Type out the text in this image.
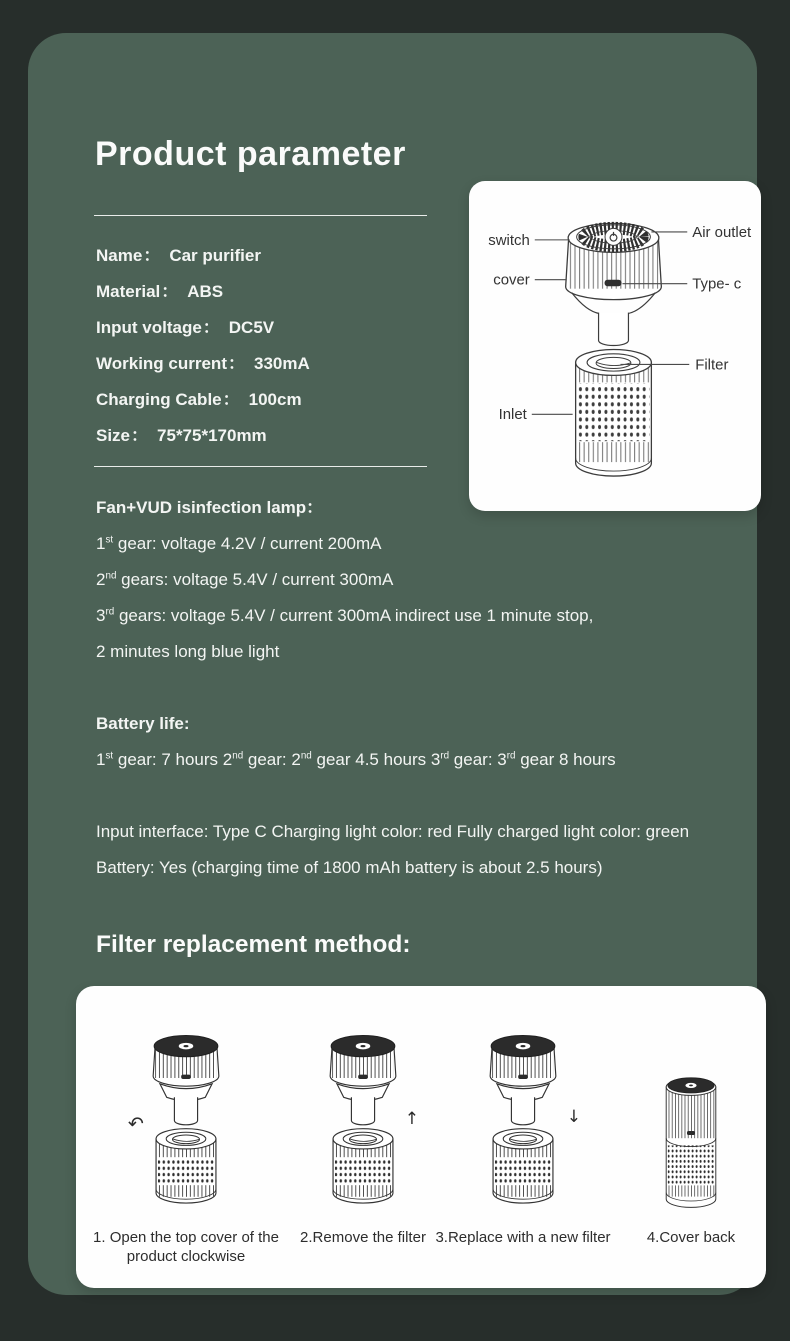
Product parameter
Name： Car purifier
Material： ABS
Input voltage： DC5V
Working current： 330mA
Charging Cable： 100cm
Size： 75*75*170mm
switch
cover
Inlet
Air outlet
Type- c
Filter
Fan+VUD isinfection lamp：
1st gear: voltage 4.2V / current 200mA
2nd gears: voltage 5.4V / current 300mA
3rd gears: voltage 5.4V / current 300mA indirect use 1 minute stop,
2 minutes long blue light
Battery life:
1st gear: 7 hours 2nd gear: 2nd gear 4.5 hours 3rd gear: 3rd gear 8 hours
Input interface: Type C Charging light color: red Fully charged light color: green
Battery: Yes (charging time of 1800 mAh battery is about 2.5 hours)
Filter replacement method:
↶
1. Open the top cover of the product clockwise
↑
2.Remove the filter
↓
3.Replace with a new filter 4.Cover back
